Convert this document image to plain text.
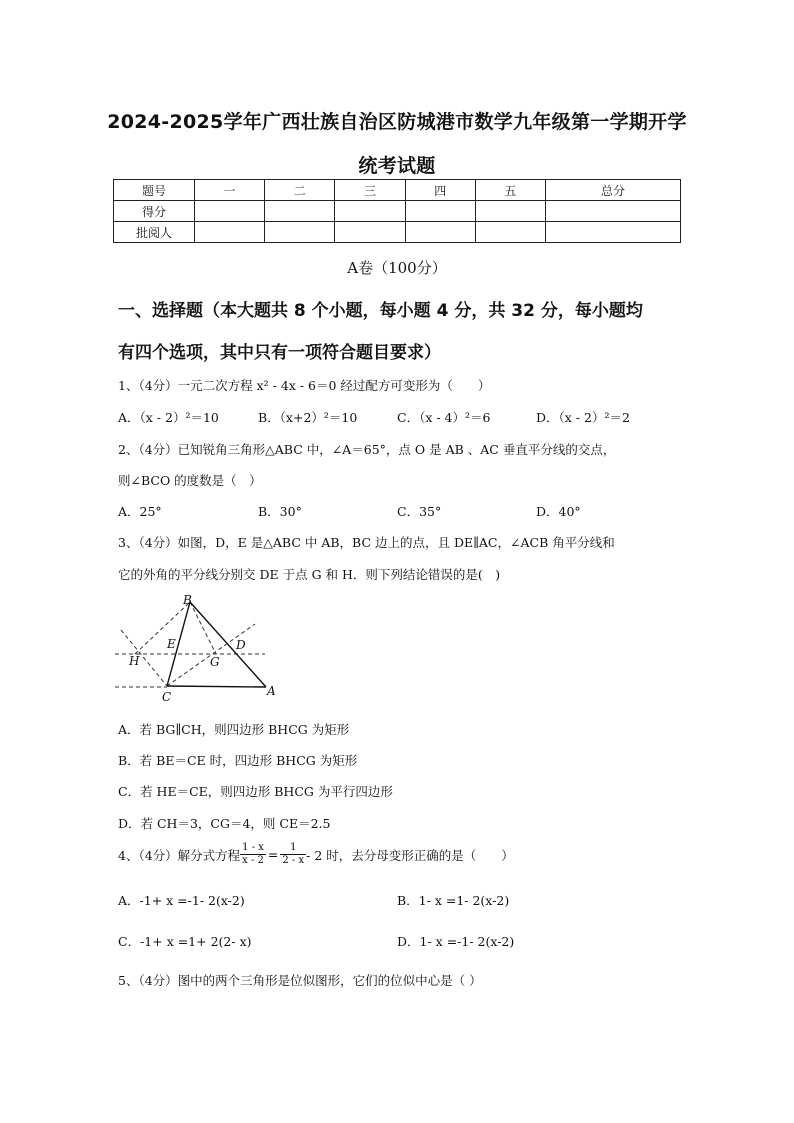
2024-2025学年广西壮族自治区防城港市数学九年级第一学期开学
统考试题
题号	一	二	三	四	五	总分
得分						
批阅人						
A卷（100分）
一、选择题（本大题共 8 个小题，每小题 4 分，共 32 分，每小题均
有四个选项，其中只有一项符合题目要求）
1、（4分）一元二次方程 x² - 4x - 6＝0 经过配方可变形为（　　）
A．（x - 2）²＝10	B．（x+2）²＝10	C．（x - 4）²＝6	D．（x - 2）²＝2
2、（4分）已知锐角三角形△ABC 中，∠A＝65°，点 O 是 AB 、AC 垂直平分线的交点，
则∠BCO 的度数是（　）
A．25°	B．30°	C．35°	D．40°
3、（4分）如图，D，E 是△ABC 中 AB，BC 边上的点，且 DE∥AC，∠ACB 角平分线和
它的外角的平分线分别交 DE 于点 G 和 H．则下列结论错误的是(　)
B
E	D
H	G
C	A
A．若 BG∥CH，则四边形 BHCG 为矩形
B．若 BE＝CE 时，四边形 BHCG 为矩形
C．若 HE＝CE，则四边形 BHCG 为平行四边形
D．若 CH＝3，CG＝4，则 CE＝2.5
4、（4分）解分式方程 $\frac{1 - x}{x - 2} = \frac{1}{2 - x} - 2$ 时，去分母变形正确的是（　　）
A．-1+ x =-1- 2(x-2)	B．1- x =1- 2(x-2)
C．-1+ x =1+ 2(2- x)	D．1- x =-1- 2(x-2)
5、（4分）图中的两个三角形是位似图形，它们的位似中心是（ ）
